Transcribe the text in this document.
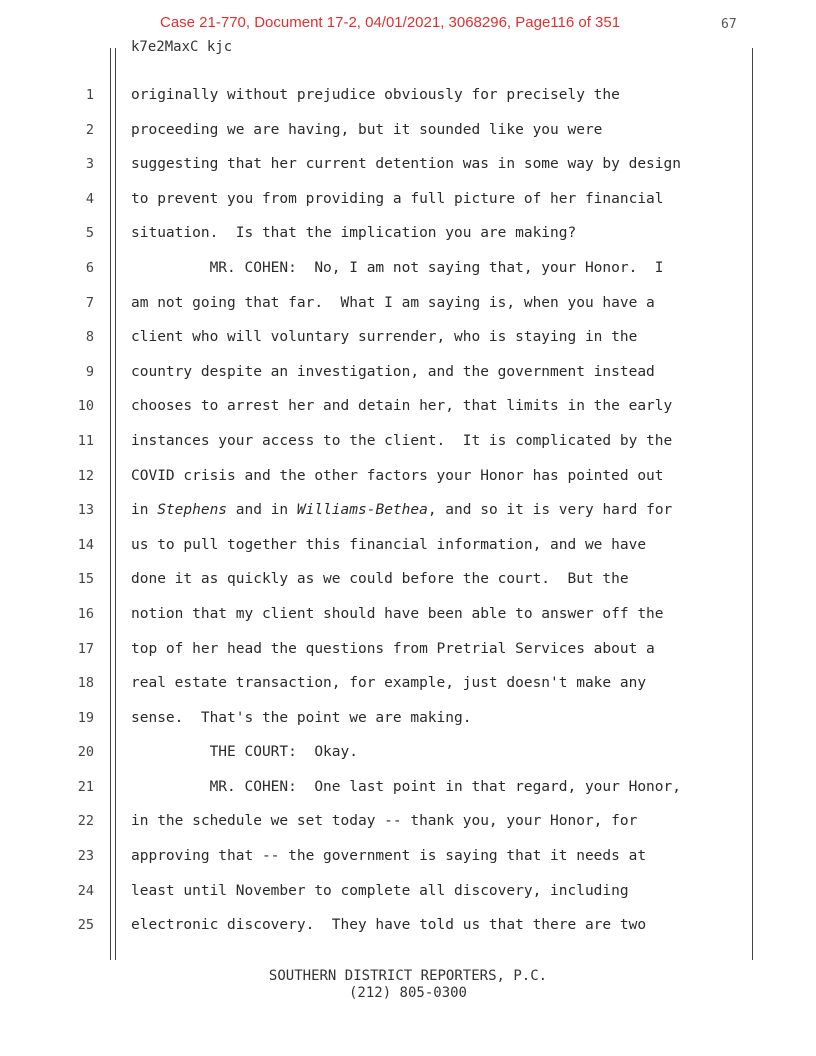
Case 21-770, Document 17-2, 04/01/2021, 3068296, Page116 of 351	67
k7e2MaxC kjc
1
2
3
4
5
6
7
8
9
10
11
12
13
14
15
16
17
18
19
20
21
22
23
24
25
originally without prejudice obviously for precisely the
proceeding we are having, but it sounded like you were
suggesting that her current detention was in some way by design
to prevent you from providing a full picture of her financial
situation.  Is that the implication you are making?
MR. COHEN:  No, I am not saying that, your Honor.  I
am not going that far.  What I am saying is, when you have a
client who will voluntary surrender, who is staying in the
country despite an investigation, and the government instead
chooses to arrest her and detain her, that limits in the early
instances your access to the client.  It is complicated by the
COVID crisis and the other factors your Honor has pointed out
in Stephens and in Williams-Bethea, and so it is very hard for
us to pull together this financial information, and we have
done it as quickly as we could before the court.  But the
notion that my client should have been able to answer off the
top of her head the questions from Pretrial Services about a
real estate transaction, for example, just doesn't make any
sense.  That's the point we are making.
THE COURT:  Okay.
MR. COHEN:  One last point in that regard, your Honor,
in the schedule we set today -- thank you, your Honor, for
approving that -- the government is saying that it needs at
least until November to complete all discovery, including
electronic discovery.  They have told us that there are two
SOUTHERN DISTRICT REPORTERS, P.C.
(212) 805-0300
